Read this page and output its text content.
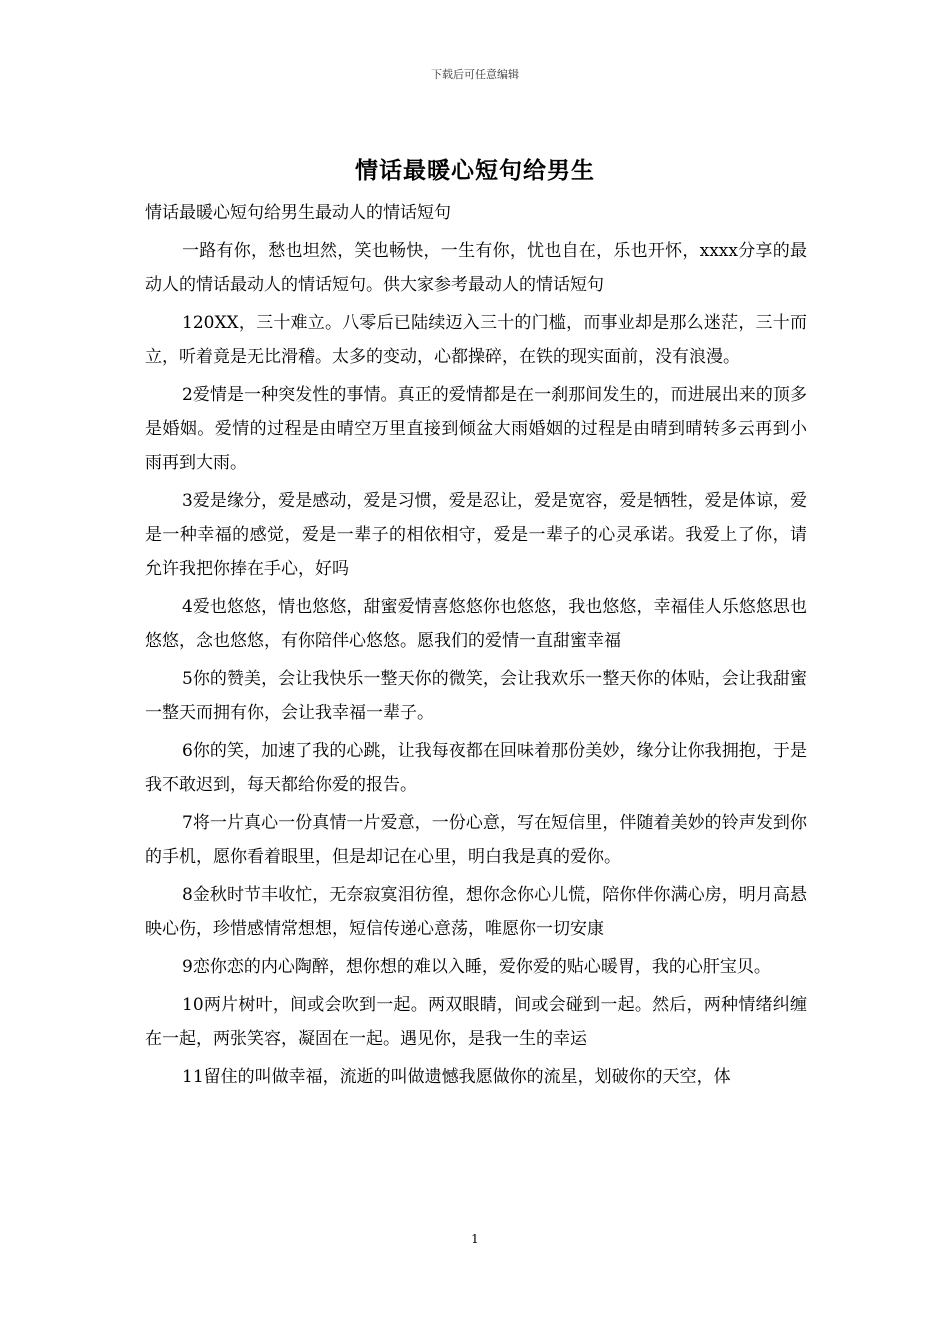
下载后可任意编辑
情话最暖心短句给男生

情话最暖心短句给男生最动人的情话短句

一路有你，愁也坦然，笑也畅快，一生有你，忧也自在，乐也开怀，xxxx分享的最动人的情话最动人的情话短句。供大家参考最动人的情话短句

120XX，三十难立。八零后已陆续迈入三十的门槛，而事业却是那么迷茫，三十而立，听着竟是无比滑稽。太多的变动，心都操碎，在铁的现实面前，没有浪漫。

2爱情是一种突发性的事情。真正的爱情都是在一刹那间发生的，而进展出来的顶多是婚姻。爱情的过程是由晴空万里直接到倾盆大雨婚姻的过程是由晴到晴转多云再到小雨再到大雨。

3爱是缘分，爱是感动，爱是习惯，爱是忍让，爱是宽容，爱是牺牲，爱是体谅，爱是一种幸福的感觉，爱是一辈子的相依相守，爱是一辈子的心灵承诺。我爱上了你，请允许我把你捧在手心，好吗

4爱也悠悠，情也悠悠，甜蜜爱情喜悠悠你也悠悠，我也悠悠，幸福佳人乐悠悠思也悠悠，念也悠悠，有你陪伴心悠悠。愿我们的爱情一直甜蜜幸福

5你的赞美，会让我快乐一整天你的微笑，会让我欢乐一整天你的体贴，会让我甜蜜一整天而拥有你，会让我幸福一辈子。

6你的笑，加速了我的心跳，让我每夜都在回味着那份美妙，缘分让你我拥抱，于是我不敢迟到，每天都给你爱的报告。

7将一片真心一份真情一片爱意，一份心意，写在短信里，伴随着美妙的铃声发到你的手机，愿你看着眼里，但是却记在心里，明白我是真的爱你。

8金秋时节丰收忙，无奈寂寞泪彷徨，想你念你心儿慌，陪你伴你满心房，明月高悬映心伤，珍惜感情常想想，短信传递心意荡，唯愿你一切安康

9恋你恋的内心陶醉，想你想的难以入睡，爱你爱的贴心暖胃，我的心肝宝贝。

10两片树叶，间或会吹到一起。两双眼睛，间或会碰到一起。然后，两种情绪纠缠在一起，两张笑容，凝固在一起。遇见你，是我一生的幸运

11留住的叫做幸福，流逝的叫做遗憾我愿做你的流星，划破你的天空，体

1
